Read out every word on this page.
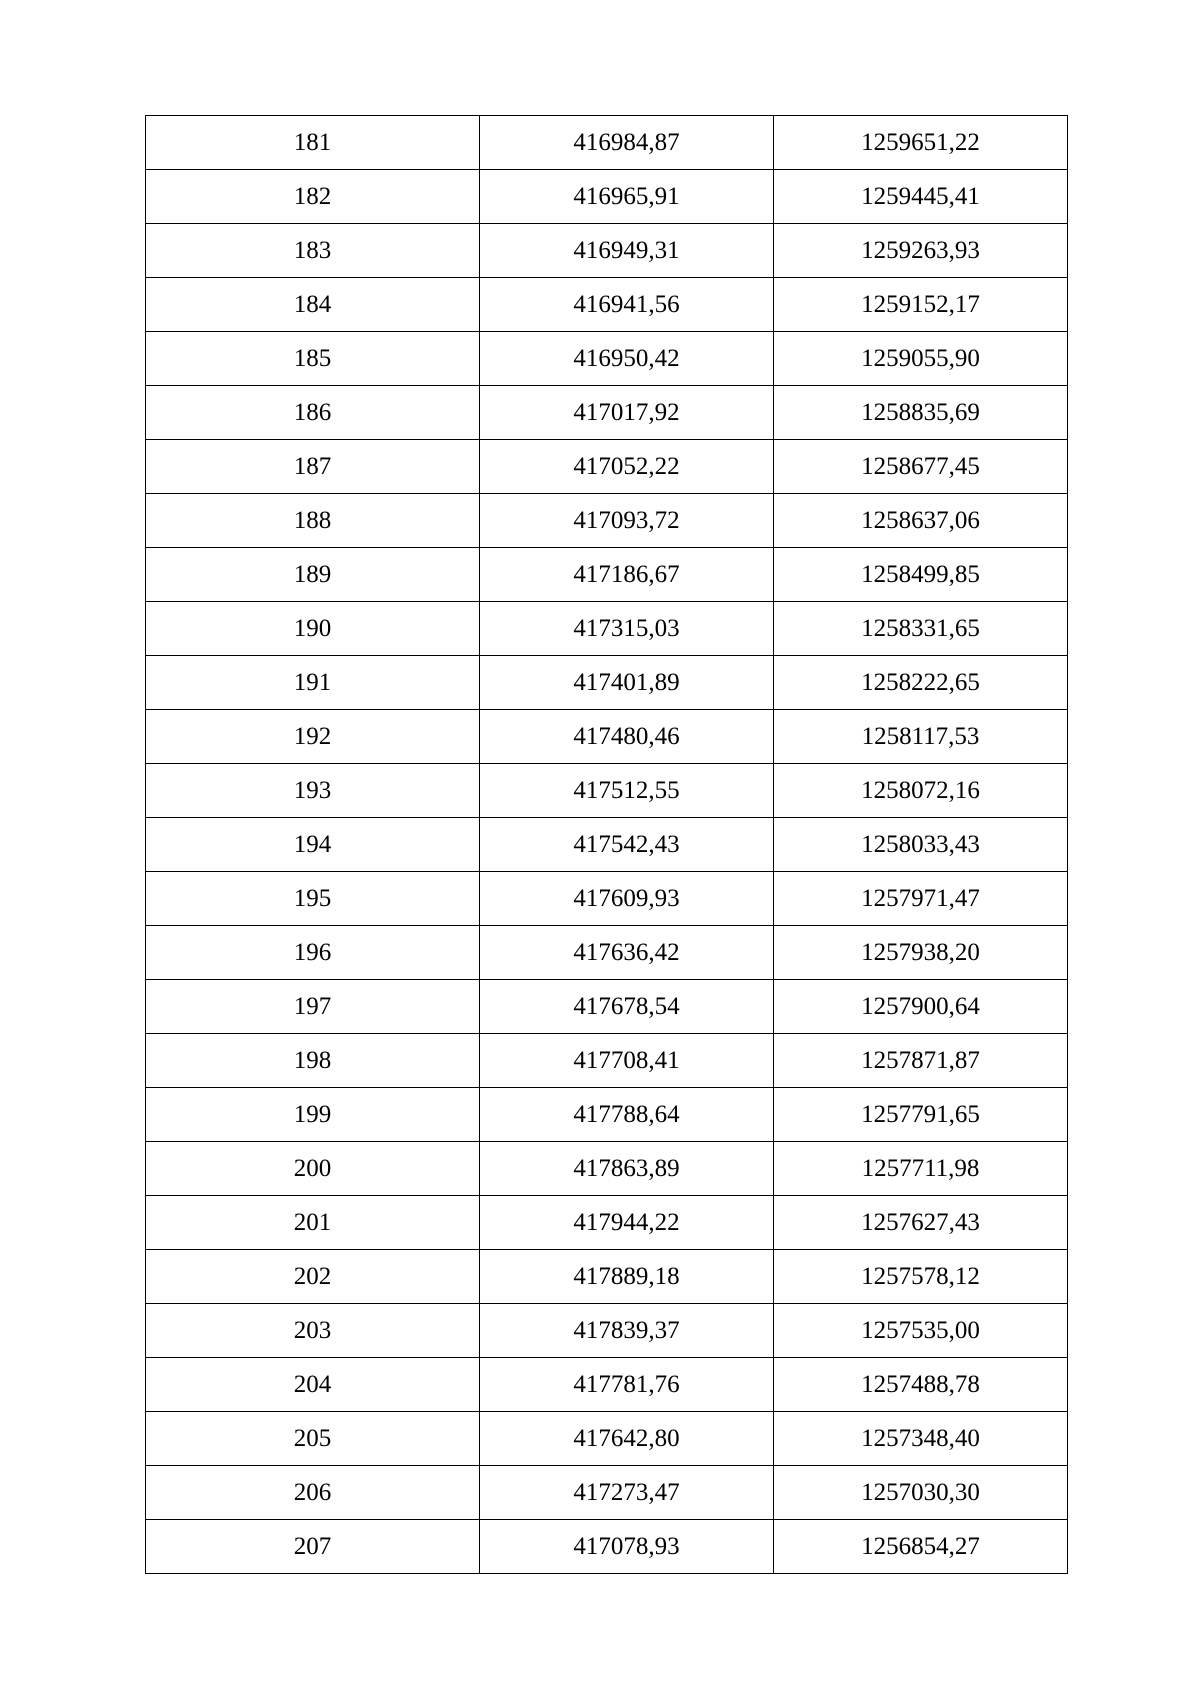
181	416984,87	1259651,22
182	416965,91	1259445,41
183	416949,31	1259263,93
184	416941,56	1259152,17
185	416950,42	1259055,90
186	417017,92	1258835,69
187	417052,22	1258677,45
188	417093,72	1258637,06
189	417186,67	1258499,85
190	417315,03	1258331,65
191	417401,89	1258222,65
192	417480,46	1258117,53
193	417512,55	1258072,16
194	417542,43	1258033,43
195	417609,93	1257971,47
196	417636,42	1257938,20
197	417678,54	1257900,64
198	417708,41	1257871,87
199	417788,64	1257791,65
200	417863,89	1257711,98
201	417944,22	1257627,43
202	417889,18	1257578,12
203	417839,37	1257535,00
204	417781,76	1257488,78
205	417642,80	1257348,40
206	417273,47	1257030,30
207	417078,93	1256854,27
